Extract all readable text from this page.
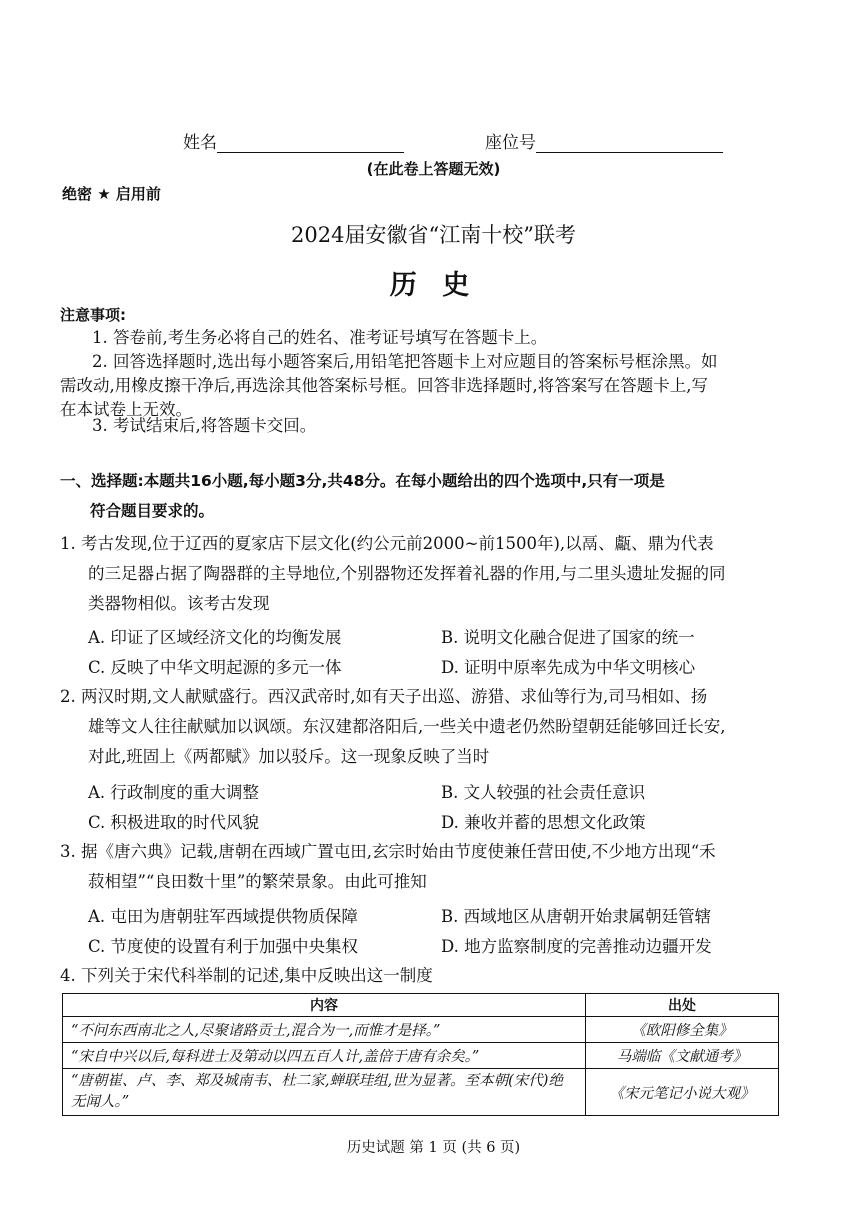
姓名	座位号
(在此卷上答题无效)
绝密 ★ 启用前
2024届安徽省“江南十校”联考
历 史
注意事项:
1. 答卷前,考生务必将自己的姓名、准考证号填写在答题卡上。
2. 回答选择题时,选出每小题答案后,用铅笔把答题卡上对应题目的答案标号框涂黑。如
需改动,用橡皮擦干净后,再选涂其他答案标号框。回答非选择题时,将答案写在答题卡上,写
在本试卷上无效。
3. 考试结束后,将答题卡交回。
一、选择题:本题共16小题,每小题3分,共48分。在每小题给出的四个选项中,只有一项是
符合题目要求的。
1. 考古发现,位于辽西的夏家店下层文化(约公元前2000~前1500年),以鬲、甗、鼎为代表
的三足器占据了陶器群的主导地位,个别器物还发挥着礼器的作用,与二里头遗址发掘的同
类器物相似。该考古发现
A. 印证了区域经济文化的均衡发展	B. 说明文化融合促进了国家的统一
C. 反映了中华文明起源的多元一体	D. 证明中原率先成为中华文明核心
2. 两汉时期,文人献赋盛行。西汉武帝时,如有天子出巡、游猎、求仙等行为,司马相如、扬
雄等文人往往献赋加以讽颂。东汉建都洛阳后,一些关中遗老仍然盼望朝廷能够回迁长安,
对此,班固上《两都赋》加以驳斥。这一现象反映了当时
A. 行政制度的重大调整	B. 文人较强的社会责任意识
C. 积极进取的时代风貌	D. 兼收并蓄的思想文化政策
3. 据《唐六典》记载,唐朝在西域广置屯田,玄宗时始由节度使兼任营田使,不少地方出现“禾
菽相望”“良田数十里”的繁荣景象。由此可推知
A. 屯田为唐朝驻军西域提供物质保障	B. 西域地区从唐朝开始隶属朝廷管辖
C. 节度使的设置有利于加强中央集权	D. 地方监察制度的完善推动边疆开发
4. 下列关于宋代科举制的记述,集中反映出这一制度
内容	出处
“不问东西南北之人,尽聚诸路贡士,混合为一,而惟才是择。”	《欧阳修全集》
“宋自中兴以后,每科进士及第动以四五百人计,盖倍于唐有余矣。”	马端临《文献通考》
“唐朝崔、卢、李、郑及城南韦、杜二家,蝉联珪组,世为显著。至本朝(宋代)绝无闻人。”	《宋元笔记小说大观》
历史试题 第 1 页 (共 6 页)
